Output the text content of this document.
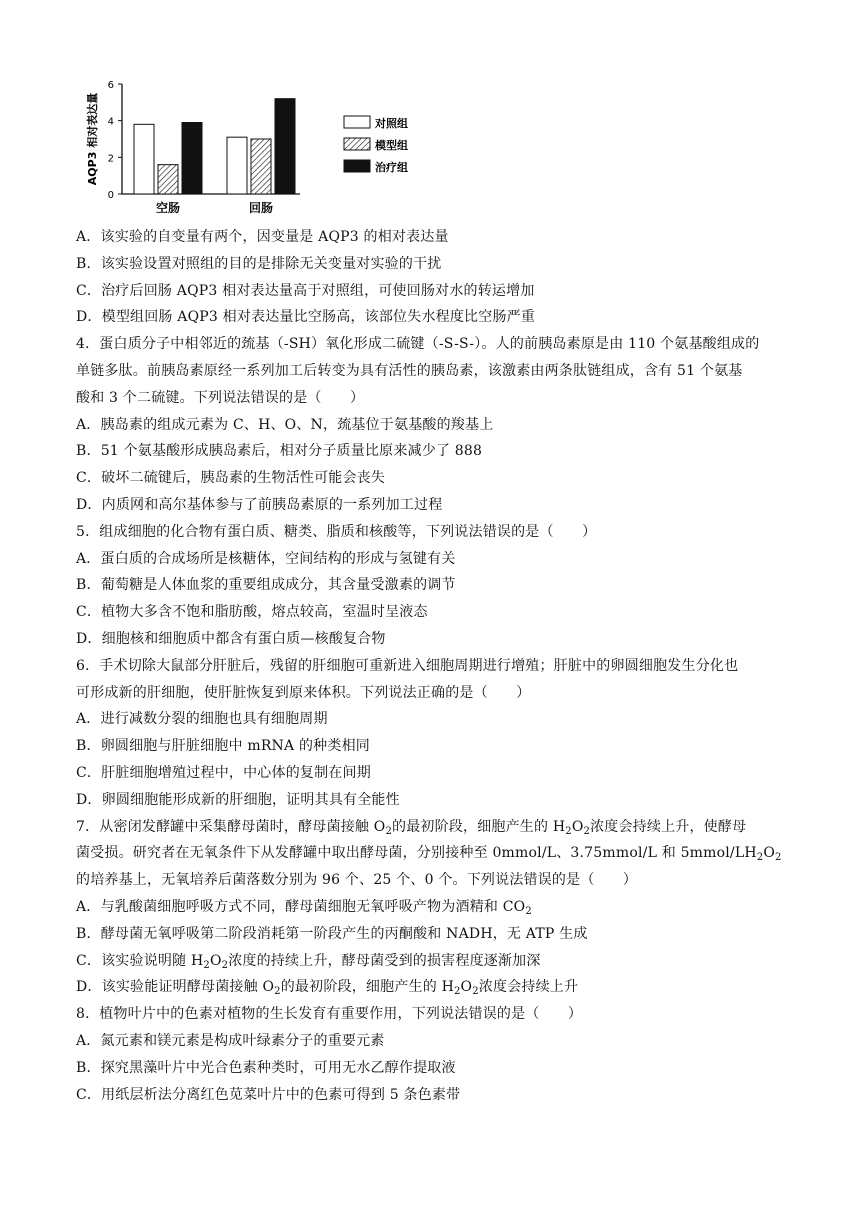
0
2
4
6
AQP3 相对表达量
空肠	回肠
对照组
模型组
治疗组
A．该实验的自变量有两个，因变量是 AQP3 的相对表达量
B．该实验设置对照组的目的是排除无关变量对实验的干扰
C．治疗后回肠 AQP3 相对表达量高于对照组，可使回肠对水的转运增加
D．模型组回肠 AQP3 相对表达量比空肠高，该部位失水程度比空肠严重
4．蛋白质分子中相邻近的巯基（-SH）氧化形成二硫键（-S-S-）。人的前胰岛素原是由 110 个氨基酸组成的
单链多肽。前胰岛素原经一系列加工后转变为具有活性的胰岛素，该激素由两条肽链组成，含有 51 个氨基
酸和 3 个二硫键。下列说法错误的是（　　）
A．胰岛素的组成元素为 C、H、O、N，巯基位于氨基酸的羧基上
B．51 个氨基酸形成胰岛素后，相对分子质量比原来减少了 888
C．破坏二硫键后，胰岛素的生物活性可能会丧失
D．内质网和高尔基体参与了前胰岛素原的一系列加工过程
5．组成细胞的化合物有蛋白质、糖类、脂质和核酸等，下列说法错误的是（　　）
A．蛋白质的合成场所是核糖体，空间结构的形成与氢键有关
B．葡萄糖是人体血浆的重要组成成分，其含量受激素的调节
C．植物大多含不饱和脂肪酸，熔点较高，室温时呈液态
D．细胞核和细胞质中都含有蛋白质—核酸复合物
6．手术切除大鼠部分肝脏后，残留的肝细胞可重新进入细胞周期进行增殖；肝脏中的卵圆细胞发生分化也
可形成新的肝细胞，使肝脏恢复到原来体积。下列说法正确的是（　　）
A．进行减数分裂的细胞也具有细胞周期
B．卵圆细胞与肝脏细胞中 mRNA 的种类相同
C．肝脏细胞增殖过程中，中心体的复制在间期
D．卵圆细胞能形成新的肝细胞，证明其具有全能性
7．从密闭发酵罐中采集酵母菌时，酵母菌接触 $O_2$的最初阶段，细胞产生的 $H_2O_2$浓度会持续上升，使酵母
菌受损。研究者在无氧条件下从发酵罐中取出酵母菌，分别接种至 0mmol/L、3.75mmol/L 和 $5mmol/LH_2O_2$
的培养基上，无氧培养后菌落数分别为 96 个、25 个、0 个。下列说法错误的是（　　）
A．与乳酸菌细胞呼吸方式不同，酵母菌细胞无氧呼吸产物为酒精和 $CO_2$
B．酵母菌无氧呼吸第二阶段消耗第一阶段产生的丙酮酸和 NADH，无 ATP 生成
C．该实验说明随 $H_2O_2$浓度的持续上升，酵母菌受到的损害程度逐渐加深
D．该实验能证明酵母菌接触 $O_2$的最初阶段，细胞产生的 $H_2O_2$浓度会持续上升
8．植物叶片中的色素对植物的生长发育有重要作用，下列说法错误的是（　　）
A．氮元素和镁元素是构成叶绿素分子的重要元素
B．探究黑藻叶片中光合色素种类时，可用无水乙醇作提取液
C．用纸层析法分离红色苋菜叶片中的色素可得到 5 条色素带
